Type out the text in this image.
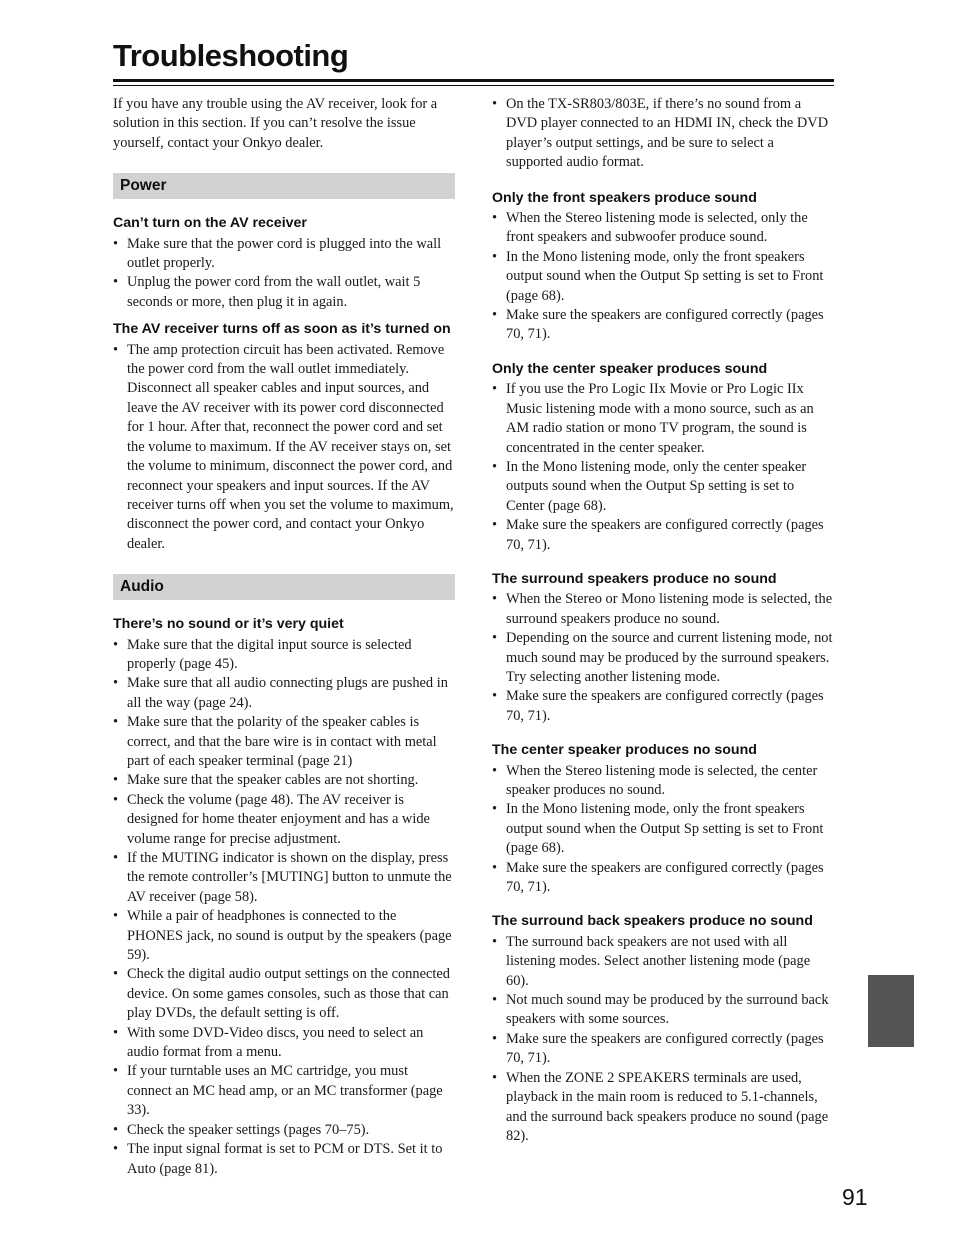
Troubleshooting

If you have any trouble using the AV receiver, look for a solution in this section. If you can’t resolve the issue yourself, contact your Onkyo dealer.

Power
Can’t turn on the AV receiver
• Make sure that the power cord is plugged into the wall outlet properly.
• Unplug the power cord from the wall outlet, wait 5 seconds or more, then plug it in again.
The AV receiver turns off as soon as it’s turned on
• The amp protection circuit has been activated. Remove the power cord from the wall outlet immediately. Disconnect all speaker cables and input sources, and leave the AV receiver with its power cord disconnected for 1 hour. After that, reconnect the power cord and set the volume to maximum. If the AV receiver stays on, set the volume to minimum, disconnect the power cord, and reconnect your speakers and input sources. If the AV receiver turns off when you set the volume to maximum, disconnect the power cord, and contact your Onkyo dealer.
Audio
There’s no sound or it’s very quiet
• Make sure that the digital input source is selected properly (page 45).
• Make sure that all audio connecting plugs are pushed in all the way (page 24).
• Make sure that the polarity of the speaker cables is correct, and that the bare wire is in contact with metal part of each speaker terminal (page 21)
• Make sure that the speaker cables are not shorting.
• Check the volume (page 48). The AV receiver is designed for home theater enjoyment and has a wide volume range for precise adjustment.
• If the MUTING indicator is shown on the display, press the remote controller’s [MUTING] button to unmute the AV receiver (page 58).
• While a pair of headphones is connected to the PHONES jack, no sound is output by the speakers (page 59).
• Check the digital audio output settings on the connected device. On some games consoles, such as those that can play DVDs, the default setting is off.
• With some DVD-Video discs, you need to select an audio format from a menu.
• If your turntable uses an MC cartridge, you must connect an MC head amp, or an MC transformer (page 33).
• Check the speaker settings (pages 70–75).
• The input signal format is set to PCM or DTS. Set it to Auto (page 81).
• On the TX-SR803/803E, if there’s no sound from a DVD player connected to an HDMI IN, check the DVD player’s output settings, and be sure to select a supported audio format.
Only the front speakers produce sound
• When the Stereo listening mode is selected, only the front speakers and subwoofer produce sound.
• In the Mono listening mode, only the front speakers output sound when the Output Sp setting is set to Front (page 68).
• Make sure the speakers are configured correctly (pages 70, 71).
Only the center speaker produces sound
• If you use the Pro Logic IIx Movie or Pro Logic IIx Music listening mode with a mono source, such as an AM radio station or mono TV program, the sound is concentrated in the center speaker.
• In the Mono listening mode, only the center speaker outputs sound when the Output Sp setting is set to Center (page 68).
• Make sure the speakers are configured correctly (pages 70, 71).
The surround speakers produce no sound
• When the Stereo or Mono listening mode is selected, the surround speakers produce no sound.
• Depending on the source and current listening mode, not much sound may be produced by the surround speakers. Try selecting another listening mode.
• Make sure the speakers are configured correctly (pages 70, 71).
The center speaker produces no sound
• When the Stereo listening mode is selected, the center speaker produces no sound.
• In the Mono listening mode, only the front speakers output sound when the Output Sp setting is set to Front (page 68).
• Make sure the speakers are configured correctly (pages 70, 71).
The surround back speakers produce no sound
• The surround back speakers are not used with all listening modes. Select another listening mode (page 60).
• Not much sound may be produced by the surround back speakers with some sources.
• Make sure the speakers are configured correctly (pages 70, 71).
• When the ZONE 2 SPEAKERS terminals are used, playback in the main room is reduced to 5.1-channels, and the surround back speakers produce no sound (page 82).
91
